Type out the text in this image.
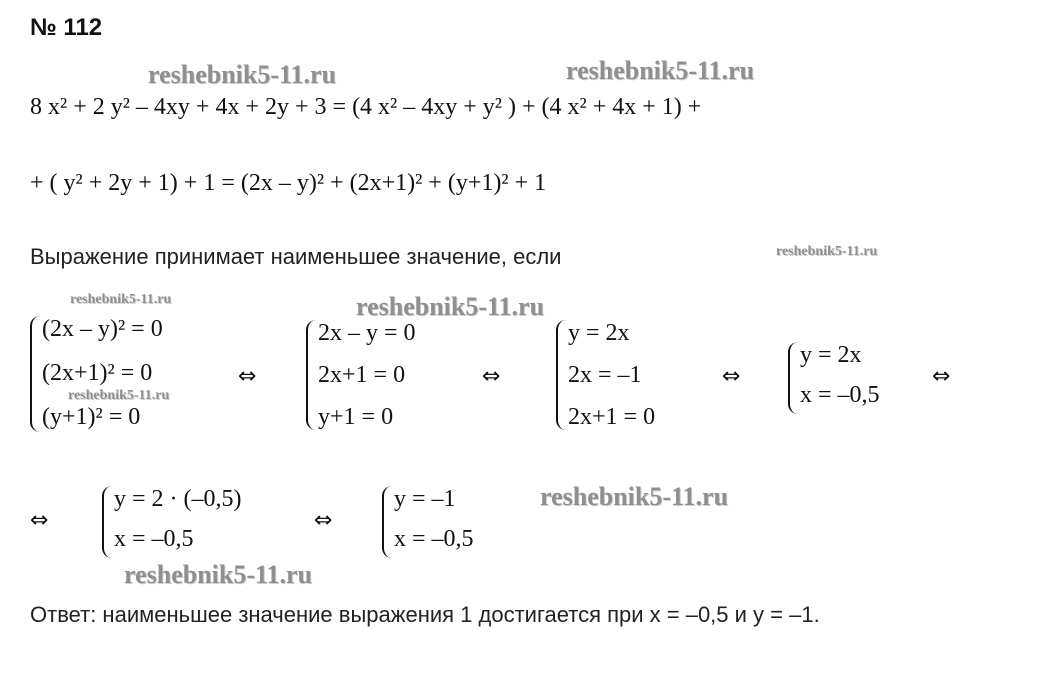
№ 112
reshebnik5-11.ru	reshebnik5-11.ru
reshebnik5-11.ru
reshebnik5-11.ru	reshebnik5-11.ru
reshebnik5-11.ru
reshebnik5-11.ru
reshebnik5-11.ru
8 x² + 2 y² – 4xy + 4x + 2y + 3 = (4 x² – 4xy + y² ) + (4 x² + 4x + 1) +
+ ( y² + 2y + 1) + 1 = (2x – y)² + (2x+1)² + (y+1)² + 1
Выражение принимает наименьшее значение, если
(2x – y)² = 0
(2x+1)² = 0
(y+1)² = 0
⇔
2x – y = 0
2x+1 = 0
y+1 = 0
⇔
y = 2x
2x = –1
2x+1 = 0
⇔
y = 2x
x = –0,5
⇔
⇔
y = 2 · (–0,5)
x = –0,5
⇔
y = –1
x = –0,5
Ответ: наименьшее значение выражения 1 достигается при x = –0,5 и y = –1.
